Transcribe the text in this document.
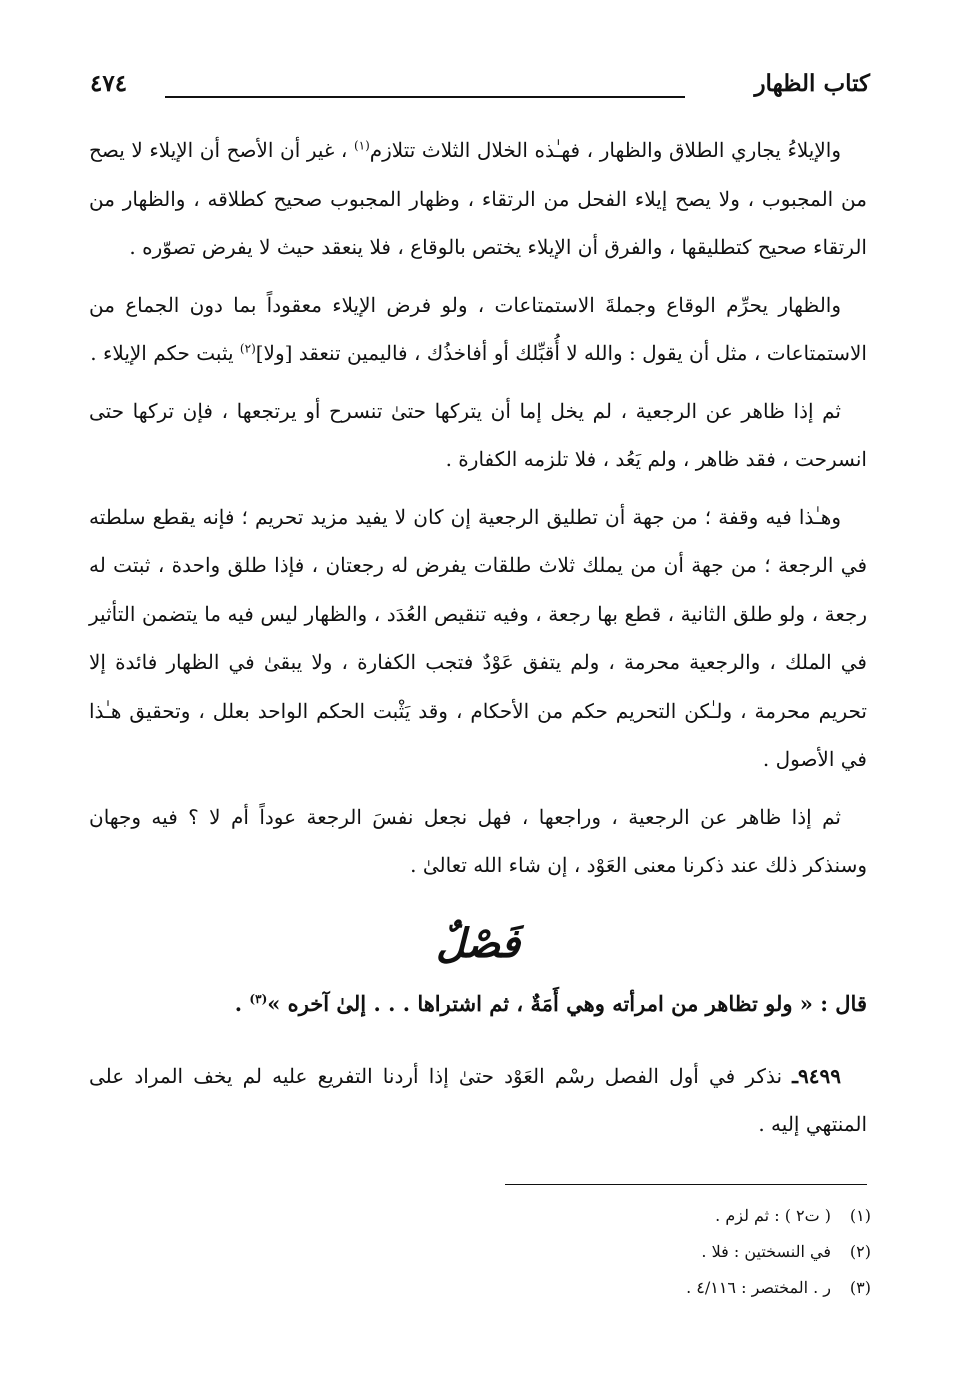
كتاب الظهار
٤٧٤

والإيلاءُ يجاري الطلاق والظهار ، فهـٰذه الخلال الثلاث تتلازم$^{(١)}$ ، غير أن الأصح أن الإيلاء لا يصح من المجبوب ، ولا يصح إيلاء الفحل من الرتقاء ، وظهار المجبوب صحيح كطلاقه ، والظهار من الرتقاء صحيح كتطليقها ، والفرق أن الإيلاء يختص بالوقاع ، فلا ينعقد حيث لا يفرض تصوّره .

والظهار يحرِّم الوقاع وجملةَ الاستمتاعات ، ولو فرض الإيلاء معقوداً بما دون الجماع من الاستمتاعات ، مثل أن يقول : والله لا أُقبِّلك أو أفاخذُك ، فاليمين تنعقد [ولا]$^{(٢)}$ يثبت حكم الإيلاء .

ثم إذا ظاهر عن الرجعية ، لم يخل إما أن يتركها حتىٰ تنسرح أو يرتجعها ، فإن تركها حتى انسرحت ، فقد ظاهر ، ولم يَعُد ، فلا تلزمه الكفارة .

وهـٰذا فيه وقفة ؛ من جهة أن تطليق الرجعية إن كان لا يفيد مزيد تحريم ؛ فإنه يقطع سلطته في الرجعة ؛ من جهة أن من يملك ثلاث طلقات يفرض له رجعتان ، فإذا طلق واحدة ، ثبتت له رجعة ، ولو طلق الثانية ، قطع بها رجعة ، وفيه تنقيص العُدَد ، والظهار ليس فيه ما يتضمن التأثير في الملك ، والرجعية محرمة ، ولم يتفق عَوْدٌ فتجب الكفارة ، ولا يبقىٰ في الظهار فائدة إلا تحريم محرمة ، ولـٰكن التحريم حكم من الأحكام ، وقد يَثْبت الحكم الواحد بعلل ، وتحقيق هـٰذا في الأصول .

ثم إذا ظاهر عن الرجعية ، وراجعها ، فهل نجعل نفسَ الرجعة عوداً أم لا ؟ فيه وجهان وسنذكر ذلك عند ذكرنا معنى العَوْد ، إن شاء الله تعالىٰ .

فَصْلٌ
قال : « ولو تظاهر من امرأته وهي أَمَةٌ ، ثم اشتراها . . . إلىٰ آخره »$^{(٣)}$ .

٩٤٩٩ـ نذكر في أول الفصل رسْم العَوْد حتىٰ إذا أردنا التفريع عليه لم يخف المراد على المنتهي إليه .

(١)( ت٢ ) : ثم لزم .
(٢)في النسختين : فلا .
(٣)ر . المختصر : ٤/١١٦ .
